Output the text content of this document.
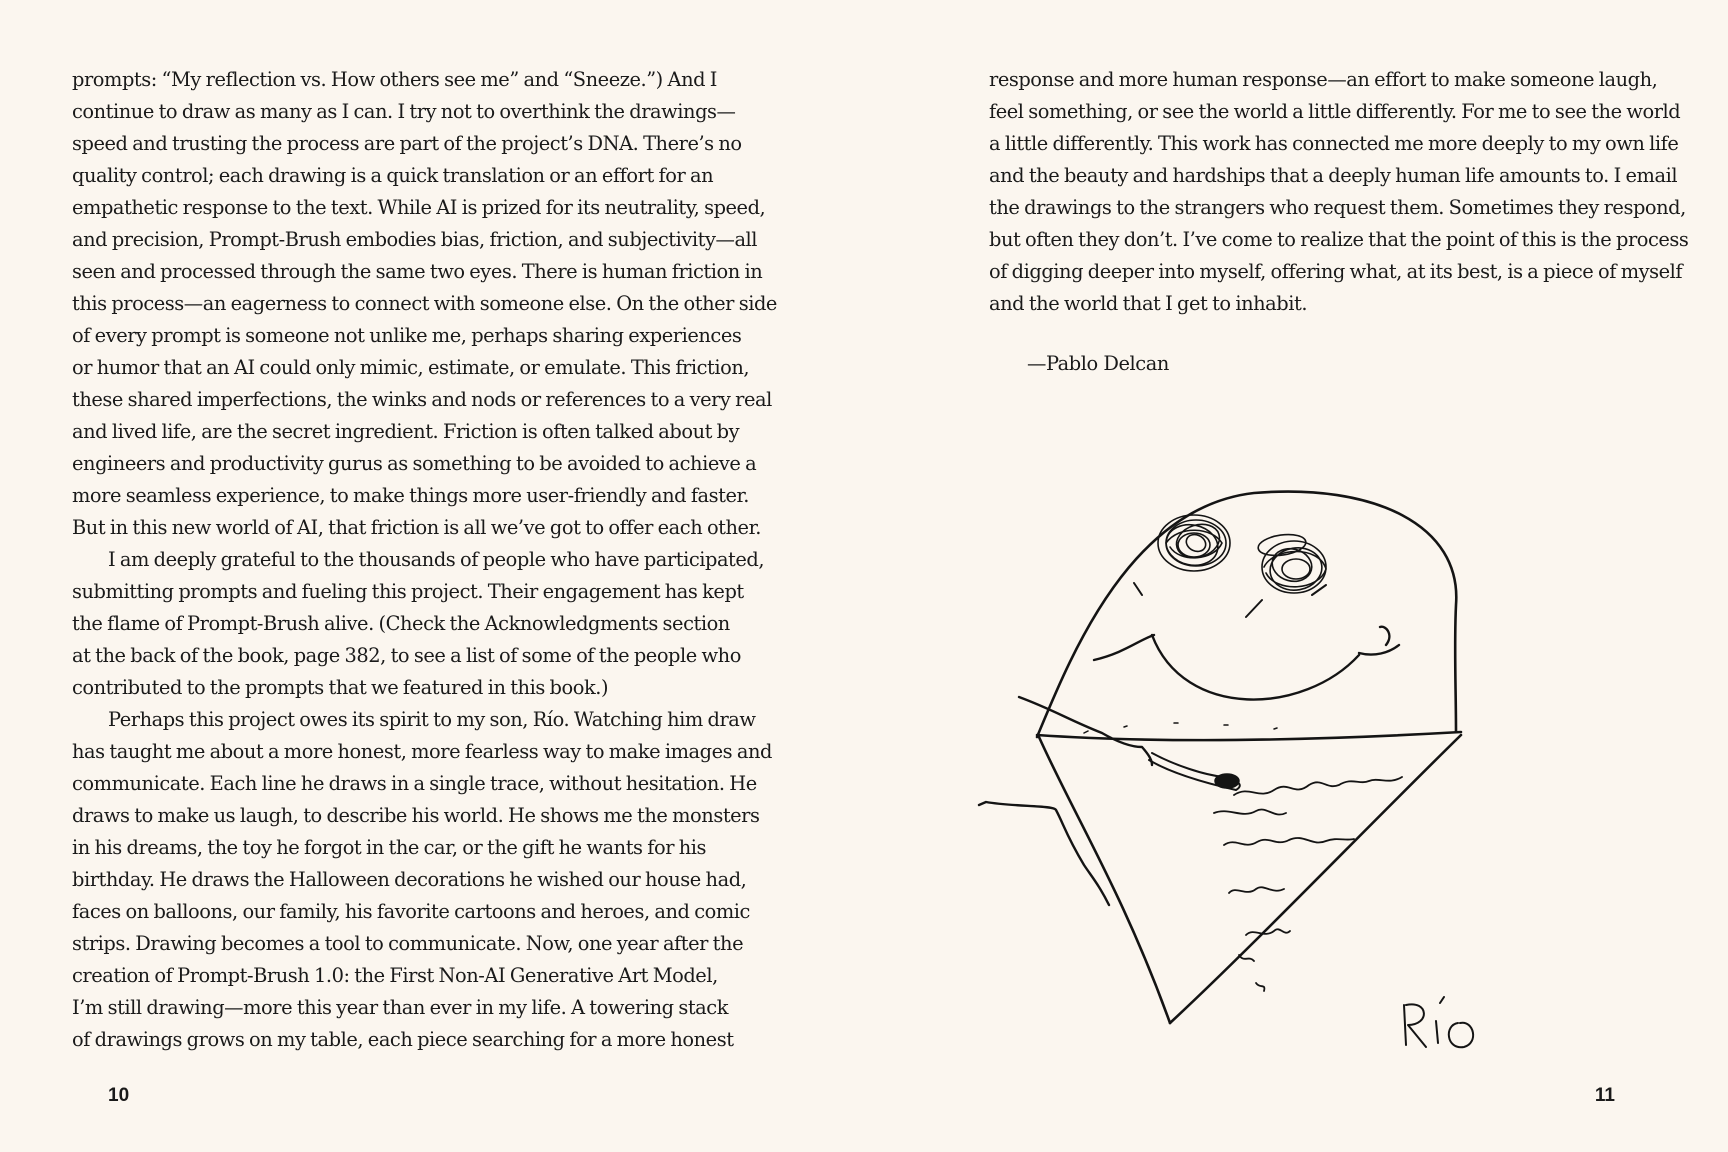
prompts: “My reflection vs. How others see me” and “Sneeze.”) And I
continue to draw as many as I can. I try not to overthink the drawings—
speed and trusting the process are part of the project’s DNA. There’s no
quality control; each drawing is a quick translation or an effort for an
empathetic response to the text. While AI is prized for its neutrality, speed,
and precision, Prompt-Brush embodies bias, friction, and subjectivity—all
seen and processed through the same two eyes. There is human friction in
this process—an eagerness to connect with someone else. On the other side
of every prompt is someone not unlike me, perhaps sharing experiences
or humor that an AI could only mimic, estimate, or emulate. This friction,
these shared imperfections, the winks and nods or references to a very real
and lived life, are the secret ingredient. Friction is often talked about by
engineers and productivity gurus as something to be avoided to achieve a
more seamless experience, to make things more user-friendly and faster.
But in this new world of AI, that friction is all we’ve got to offer each other.
I am deeply grateful to the thousands of people who have participated,
submitting prompts and fueling this project. Their engagement has kept
the flame of Prompt-Brush alive. (Check the Acknowledgments section
at the back of the book, page 382, to see a list of some of the people who
contributed to the prompts that we featured in this book.)
Perhaps this project owes its spirit to my son, Río. Watching him draw
has taught me about a more honest, more fearless way to make images and
communicate. Each line he draws in a single trace, without hesitation. He
draws to make us laugh, to describe his world. He shows me the monsters
in his dreams, the toy he forgot in the car, or the gift he wants for his
birthday. He draws the Halloween decorations he wished our house had,
faces on balloons, our family, his favorite cartoons and heroes, and comic
strips. Drawing becomes a tool to communicate. Now, one year after the
creation of Prompt-Brush 1.0: the First Non-AI Generative Art Model,
I’m still drawing—more this year than ever in my life. A towering stack
of drawings grows on my table, each piece searching for a more honest
10
response and more human response—an effort to make someone laugh,
feel something, or see the world a little differently. For me to see the world
a little differently. This work has connected me more deeply to my own life
and the beauty and hardships that a deeply human life amounts to. I email
the drawings to the strangers who request them. Sometimes they respond,
but often they don’t. I’ve come to realize that the point of this is the process
of digging deeper into myself, offering what, at its best, is a piece of myself
and the world that I get to inhabit.
—Pablo Delcan
11
